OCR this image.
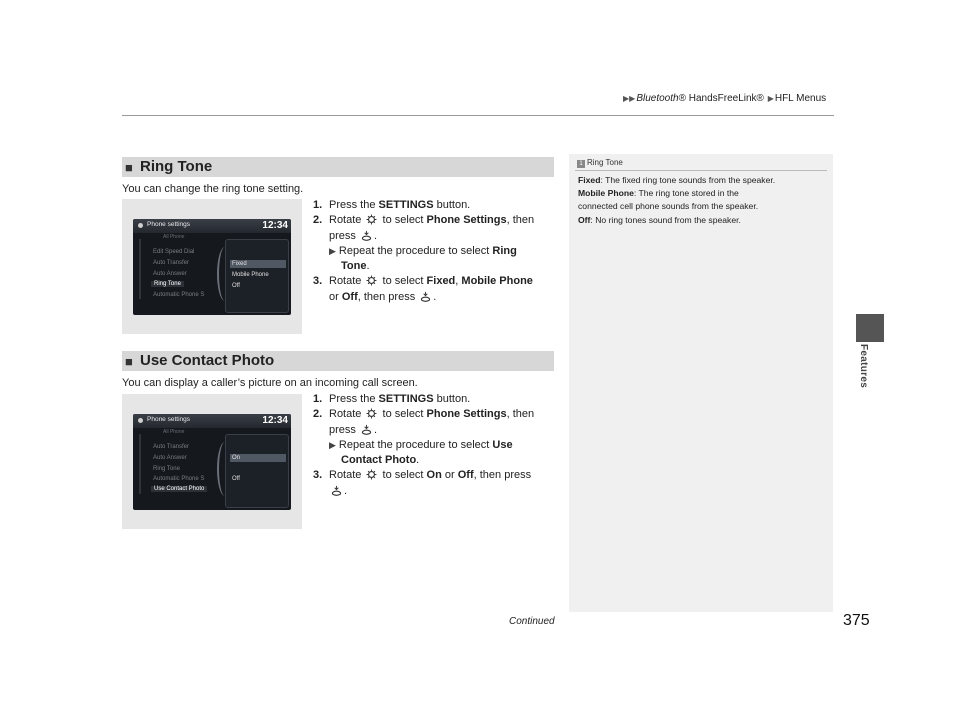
▶▶Bluetooth® HandsFreeLink® ▶HFL Menus
Features
■ Ring Tone
You can change the ring tone setting.
Phone settings	12:34
All Phone
Edit Speed Dial
Auto Transfer
Auto Answer
Ring Tone
Automatic Phone S
Fixed
Mobile Phone
Off
1. Press the SETTINGS button.
2. Rotate  to select Phone Settings, then
press .
▶ Repeat the procedure to select Ring
Tone.
3. Rotate  to select Fixed, Mobile Phone
or Off, then press .
■ Use Contact Photo
You can display a caller’s picture on an incoming call screen.
Phone settings	12:34
All Phone
Auto Transfer
Auto Answer
Ring Tone
Automatic Phone S
Use Contact Photo
On
Off
1. Press the SETTINGS button.
2. Rotate  to select Phone Settings, then
press .
▶ Repeat the procedure to select Use
Contact Photo.
3. Rotate  to select On or Off, then press
.
1 Ring Tone
Fixed: The fixed ring tone sounds from the speaker.
Mobile Phone: The ring tone stored in the
connected cell phone sounds from the speaker.
Off: No ring tones sound from the speaker.
Continued	375
